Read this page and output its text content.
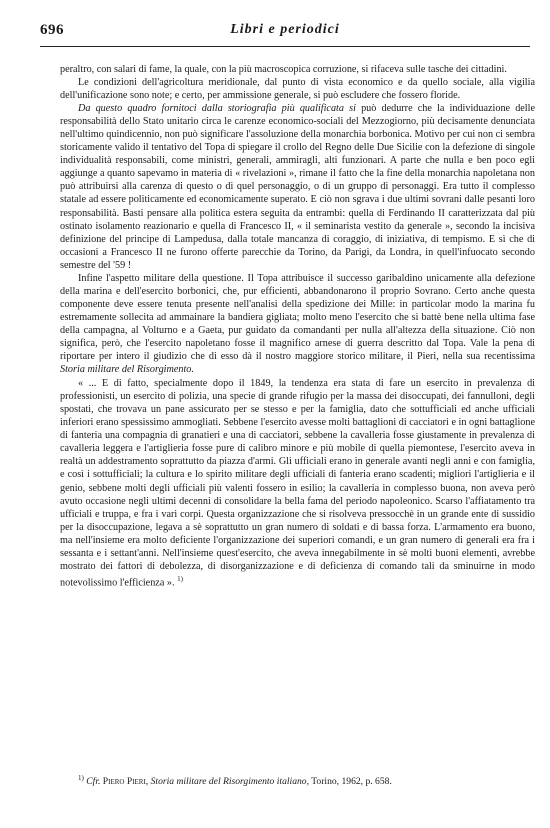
696	Libri e periodici

peraltro, con salari di fame, la quale, con la più macroscopica corruzione, si rifaceva sulle tasche dei cittadini.

Le condizioni dell'agricoltura meridionale, dal punto di vista economico e da quello sociale, alla vigilia dell'unificazione sono note; e certo, per ammissione generale, si può escludere che fossero floride.

Da questo quadro fornitoci dalla storiografia più qualificata si può dedurre che la individuazione delle responsabilità dello Stato unitario circa le carenze economico-sociali del Mezzogiorno, più decisamente denunciata nell'ultimo quindicennio, non può significare l'assoluzione della monarchia borbonica. Motivo per cui non ci sembra storicamente valido il tentativo del Topa di spiegare il crollo del Regno delle Due Sicilie con la defezione di singole individualità responsabili, come ministri, generali, ammiragli, alti funzionari. A parte che nulla e ben poco egli aggiunge a quanto sapevamo in materia di « rivelazioni », rimane il fatto che la fine della monarchia napoletana non può attribuirsi alla carenza di questo o di quel personaggio, o di un gruppo di personaggi. Era tutto il complesso statale ad essere politicamente ed economicamente superato. E ciò non sgrava i due ultimi sovrani dalle pesanti loro responsabilità. Basti pensare alla politica estera seguita da entrambi: quella di Ferdinando II caratterizzata dal più ostinato isolamento reazionario e quella di Francesco II, « il seminarista vestito da generale », secondo la incisiva definizione del principe di Lampedusa, dalla totale mancanza di coraggio, di iniziativa, di tempismo. E sì che di occasioni a Francesco II ne furono offerte parecchie da Torino, da Parigi, da Londra, in quell'infuocato secondo semestre del '59 !

Infine l'aspetto militare della questione. Il Topa attribuisce il successo garibaldino unicamente alla defezione della marina e dell'esercito borbonici, che, pur efficienti, abbandonarono il proprio Sovrano. Certo anche questa componente deve essere tenuta presente nell'analisi della spedizione dei Mille: in particolar modo la marina fu estremamente sollecita ad ammainare la bandiera gigliata; molto meno l'esercito che si battè bene nella ultima fase della campagna, al Volturno e a Gaeta, pur guidato da comandanti per nulla all'altezza della situazione. Ciò non significa, però, che l'esercito napoletano fosse il magnifico arnese di guerra descritto dal Topa. Vale la pena di riportare per intero il giudizio che di esso dà il nostro maggiore storico militare, il Pieri, nella sua recentissima Storia militare del Risorgimento.

« ... E di fatto, specialmente dopo il 1849, la tendenza era stata di fare un esercito in prevalenza di professionisti, un esercito di polizia, una specie di grande rifugio per la massa dei disoccupati, dei fannulloni, degli spostati, che trovava un pane assicurato per se stesso e per la famiglia, dato che sottufficiali ed anche ufficiali inferiori erano spessissimo ammogliati. Sebbene l'esercito avesse molti battaglioni di cacciatori e in ogni battaglione di fanteria una compagnia di granatieri e una di cacciatori, sebbene la cavalleria fosse giustamente in prevalenza di cavalleria leggera e l'artiglieria fosse pure di calibro minore e più mobile di quella piemontese, l'esercito aveva in realtà un addestramento soprattutto da piazza d'armi. Gli ufficiali erano in generale avanti negli anni e con famiglia, e così i sottufficiali; la cultura e lo spirito militare degli ufficiali di fanteria erano scadenti; migliori l'artiglieria e il genio, sebbene molti degli ufficiali più valenti fossero in esilio; la cavalleria in complesso buona, non aveva però avuto occasione negli ultimi decenni di consolidare la bella fama del periodo napoleonico. Scarso l'affiatamento tra ufficiali e truppa, e fra i vari corpi. Questa organizzazione che si risolveva pressocchè in un grande ente di sussidio per la disoccupazione, legava a sè soprattutto un gran numero di soldati e di bassa forza. L'armamento era buono, ma nell'insieme era molto deficiente l'organizzazione dei superiori comandi, e un gran numero di generali era fra i sessanta e i settant'anni. Nell'insieme quest'esercito, che aveva innegabilmente in sè molti buoni elementi, avrebbe mostrato dei fattori di debolezza, di disorganizzazione e di deficienza di comando tali da sminuirne in modo notevolissimo l'efficienza ». $^{1)}$

$^{1)}$ Cfr. Piero Pieri, Storia militare del Risorgimento italiano, Torino, 1962, p. 658.
